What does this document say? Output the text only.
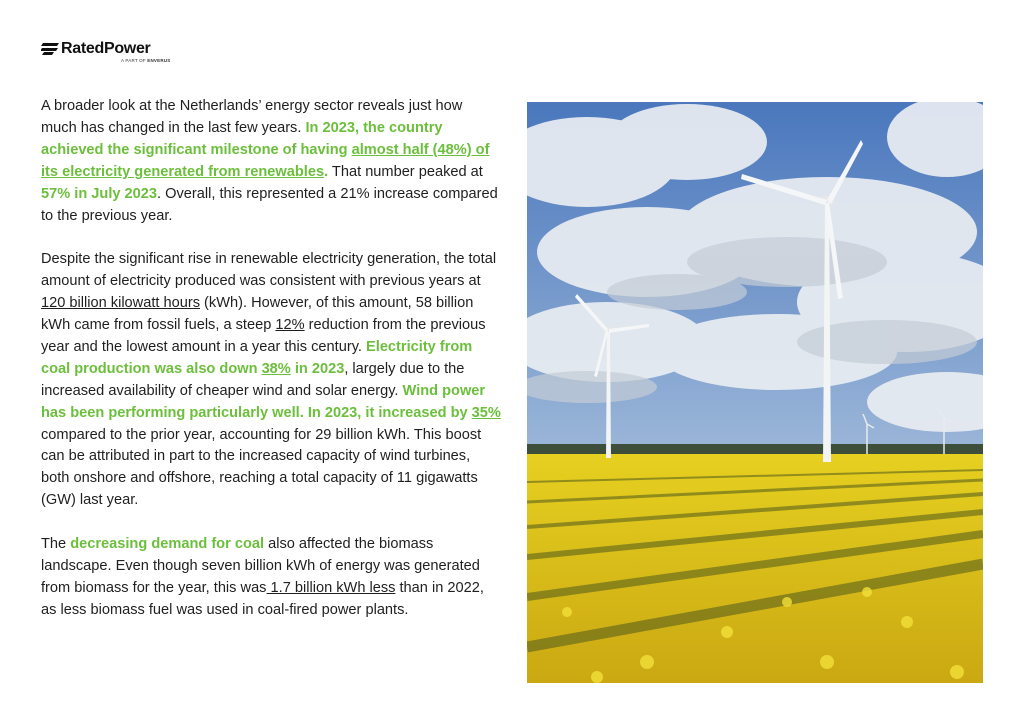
RatedPower
A PART OF ENVERUS

A broader look at the Netherlands’ energy sector reveals just how much has changed in the last few years. In 2023, the country achieved the significant milestone of having almost half (48%) of its electricity generated from renewables. That number peaked at 57% in July 2023. Overall, this represented a 21% increase compared to the previous year.

Despite the significant rise in renewable electricity generation, the total amount of electricity produced was consistent with previous years at 120 billion kilowatt hours (kWh). However, of this amount, 58 billion kWh came from fossil fuels, a steep 12% reduction from the previous year and the lowest amount in a year this century. Electricity from coal production was also down 38% in 2023, largely due to the increased availability of cheaper wind and solar energy. Wind power has been performing particularly well. In 2023, it increased by 35% compared to the prior year, accounting for 29 billion kWh. This boost can be attributed in part to the increased capacity of wind turbines, both onshore and offshore, reaching a total capacity of 11 gigawatts (GW) last year.

The decreasing demand for coal also affected the biomass landscape. Even though seven billion kWh of energy was generated from biomass for the year, this was 1.7 billion kWh less than in 2022, as less biomass fuel was used in coal-fired power plants.
